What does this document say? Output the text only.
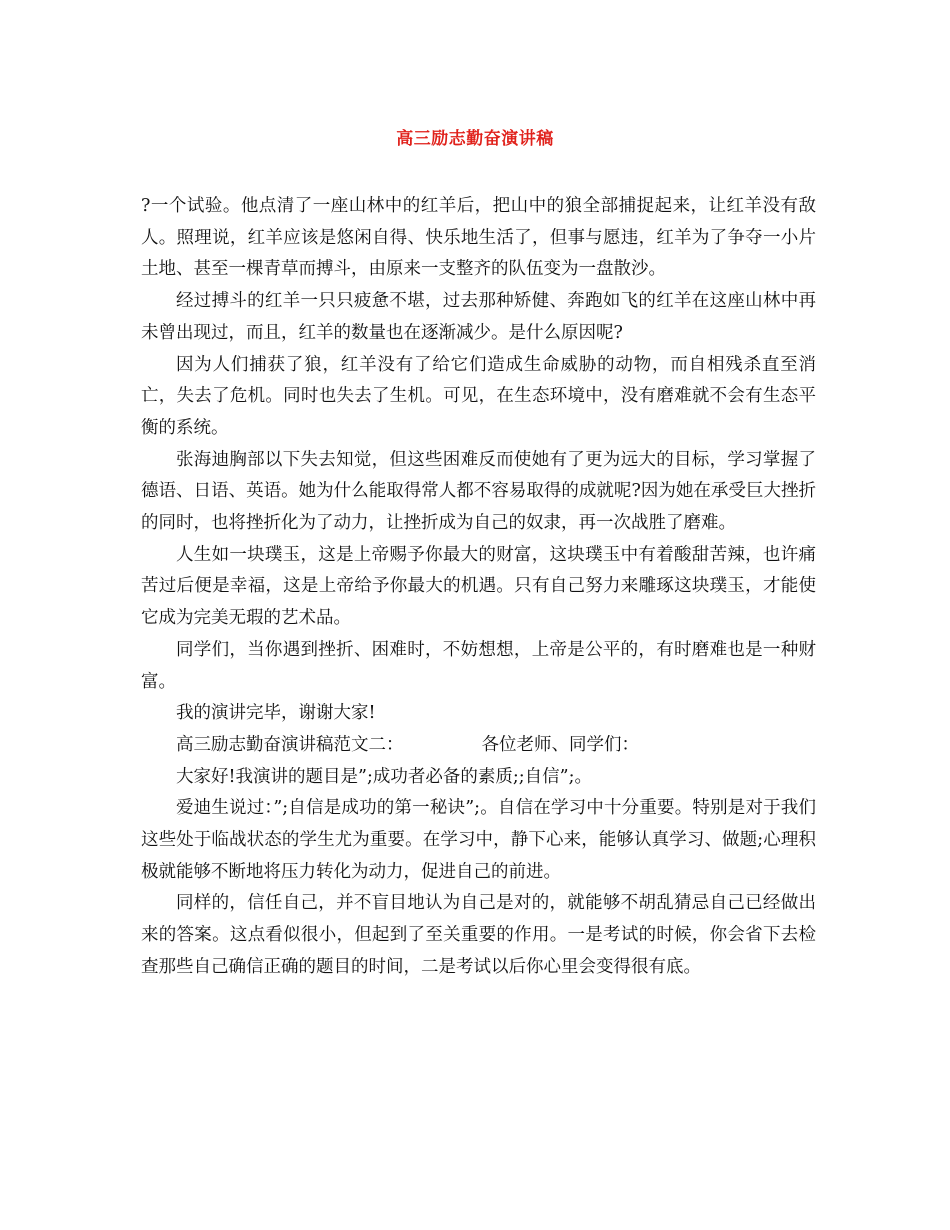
高三励志勤奋演讲稿

?一个试验。他点清了一座山林中的红羊后，把山中的狼全部捕捉起来，让红羊没有敌人。照理说，红羊应该是悠闲自得、快乐地生活了，但事与愿违，红羊为了争夺一小片土地、甚至一棵青草而搏斗，由原来一支整齐的队伍变为一盘散沙。

经过搏斗的红羊一只只疲惫不堪，过去那种矫健、奔跑如飞的红羊在这座山林中再未曾出现过，而且，红羊的数量也在逐渐减少。是什么原因呢?

因为人们捕获了狼，红羊没有了给它们造成生命威胁的动物，而自相残杀直至消亡，失去了危机。同时也失去了生机。可见，在生态环境中，没有磨难就不会有生态平衡的系统。

张海迪胸部以下失去知觉，但这些困难反而使她有了更为远大的目标，学习掌握了德语、日语、英语。她为什么能取得常人都不容易取得的成就呢?因为她在承受巨大挫折的同时，也将挫折化为了动力，让挫折成为自己的奴隶，再一次战胜了磨难。

人生如一块璞玉，这是上帝赐予你最大的财富，这块璞玉中有着酸甜苦辣，也许痛苦过后便是幸福，这是上帝给予你最大的机遇。只有自己努力来雕琢这块璞玉，才能使它成为完美无瑕的艺术品。

同学们，当你遇到挫折、困难时，不妨想想，上帝是公平的，有时磨难也是一种财富。

我的演讲完毕，谢谢大家!

高三励志勤奋演讲稿范文二：	各位老师、同学们：

大家好!我演讲的题目是”;成功者必备的素质;;自信”;。

爱迪生说过：”;自信是成功的第一秘诀”;。自信在学习中十分重要。特别是对于我们这些处于临战状态的学生尤为重要。在学习中，静下心来，能够认真学习、做题;心理积极就能够不断地将压力转化为动力，促进自己的前进。

同样的，信任自己，并不盲目地认为自己是对的，就能够不胡乱猜忌自己已经做出来的答案。这点看似很小，但起到了至关重要的作用。一是考试的时候，你会省下去检查那些自己确信正确的题目的时间，二是考试以后你心里会变得很有底。
